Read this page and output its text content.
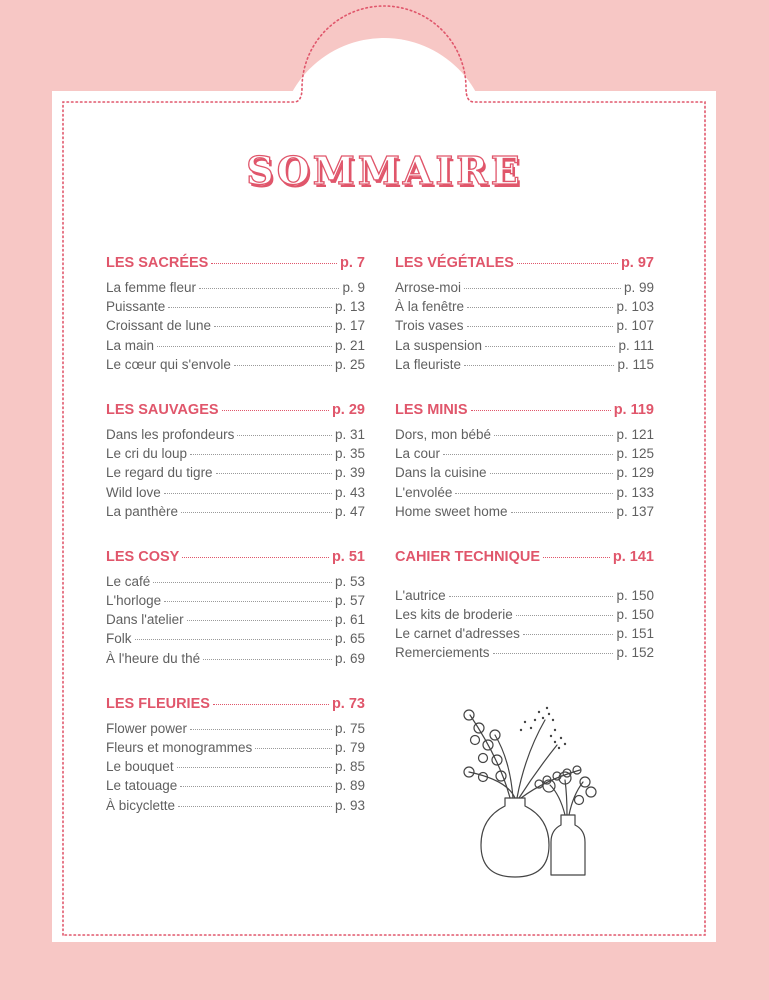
SOMMAIRE
LES SACRÉES	p. 7
La femme fleur	p. 9
Puissante	p. 13
Croissant de lune	p. 17
La main	p. 21
Le cœur qui s'envole	p. 25
LES SAUVAGES	p. 29
Dans les profondeurs	p. 31
Le cri du loup	p. 35
Le regard du tigre	p. 39
Wild love	p. 43
La panthère	p. 47
LES COSY	p. 51
Le café	p. 53
L'horloge	p. 57
Dans l'atelier	p. 61
Folk	p. 65
À l'heure du thé	p. 69
LES FLEURIES	p. 73
Flower power	p. 75
Fleurs et monogrammes	p. 79
Le bouquet	p. 85
Le tatouage	p. 89
À bicyclette	p. 93
LES VÉGÉTALES	p. 97
Arrose-moi	p. 99
À la fenêtre	p. 103
Trois vases	p. 107
La suspension	p. 111
La fleuriste	p. 115
LES MINIS	p. 119
Dors, mon bébé	p. 121
La cour	p. 125
Dans la cuisine	p. 129
L'envolée	p. 133
Home sweet home	p. 137
CAHIER TECHNIQUE	p. 141
L'autrice	p. 150
Les kits de broderie	p. 150
Le carnet d'adresses	p. 151
Remerciements	p. 152
